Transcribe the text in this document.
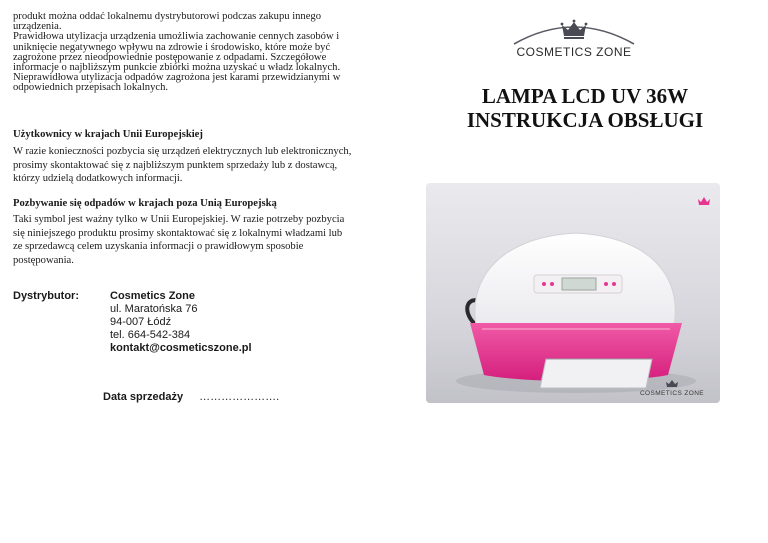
produkt można oddać lokalnemu dystrybutorowi podczas zakupu innego
urządzenia.
Prawidłowa utylizacja urządzenia umożliwia zachowanie cennych zasobów i
uniknięcie negatywnego wpływu na zdrowie i środowisko, które może być
zagrożone przez nieodpowiednie postępowanie z odpadami. Szczegółowe
informacje o najbliższym punkcie zbiórki można uzyskać u władz lokalnych.
Nieprawidłowa utylizacja odpadów zagrożona jest karami przewidzianymi w
odpowiednich przepisach lokalnych.

Użytkownicy w krajach Unii Europejskiej

W razie konieczności pozbycia się urządzeń elektrycznych lub elektronicznych,
prosimy skontaktować się z najbliższym punktem sprzedaży lub z dostawcą,
którzy udzielą dodatkowych informacji.

Pozbywanie się odpadów w krajach poza Unią Europejską

Taki symbol jest ważny tylko w Unii Europejskiej. W razie potrzeby pozbycia
się niniejszego produktu prosimy skontaktować się z lokalnymi władzami lub
ze sprzedawcą celem uzyskania informacji o prawidłowym sposobie
postępowania.

Dystrybutor:	Cosmetics Zone
ul. Maratońska 76
94-007 Łódź
tel. 664-542-384
kontakt@cosmeticszone.pl
Data sprzedaży ………………….
COSMETICS ZONE
LAMPA LCD UV 36W
INSTRUKCJA OBSŁUGI
COSMETICS ZONE
